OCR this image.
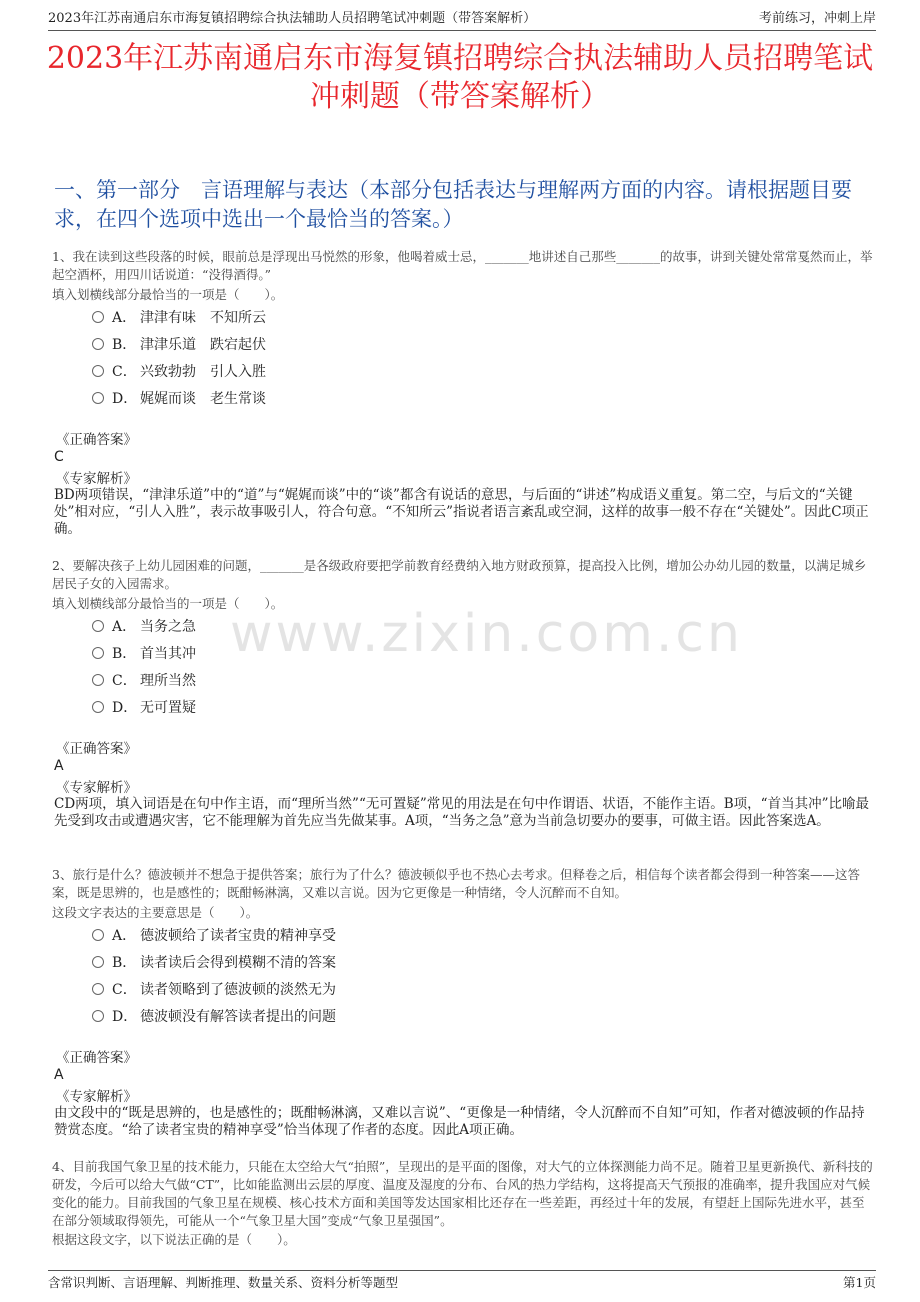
2023年江苏南通启东市海复镇招聘综合执法辅助人员招聘笔试冲刺题（带答案解析）	考前练习，冲刺上岸
2023年江苏南通启东市海复镇招聘综合执法辅助人员招聘笔试
冲刺题（带答案解析）
一、第一部分　言语理解与表达（本部分包括表达与理解两方面的内容。请根据题目要求，在四个选项中选出一个最恰当的答案。）
www.zixin.com.cn

1、我在读到这些段落的时候，眼前总是浮现出马悦然的形象，他喝着威士忌，_______地讲述自己那些_______的故事，讲到关键处常常戛然而止，举起空酒杯，用四川话说道：“没得酒得。”

填入划横线部分最恰当的一项是（　　）。

A． 津津有味　不知所云
B． 津津乐道　跌宕起伏
C． 兴致勃勃　引人入胜
D． 娓娓而谈　老生常谈
《正确答案》
C
《专家解析》
BD两项错误，“津津乐道”中的“道”与“娓娓而谈”中的“谈”都含有说话的意思，与后面的“讲述”构成语义重复。第二空，与后文的“关键处”相对应，“引人入胜”，表示故事吸引人，符合句意。“不知所云”指说者语言紊乱或空洞，这样的故事一般不存在“关键处”。因此C项正确。

2、要解决孩子上幼儿园困难的问题，_______是各级政府要把学前教育经费纳入地方财政预算，提高投入比例，增加公办幼儿园的数量，以满足城乡居民子女的入园需求。

填入划横线部分最恰当的一项是（　　）。

A． 当务之急
B． 首当其冲
C． 理所当然
D． 无可置疑
《正确答案》
A
《专家解析》
CD两项，填入词语是在句中作主语，而“理所当然”“无可置疑”常见的用法是在句中作谓语、状语，不能作主语。B项，“首当其冲”比喻最先受到攻击或遭遇灾害，它不能理解为首先应当先做某事。A项，“当务之急”意为当前急切要办的要事，可做主语。因此答案选A。

3、旅行是什么？德波顿并不想急于提供答案；旅行为了什么？德波顿似乎也不热心去考求。但释卷之后，相信每个读者都会得到一种答案——这答案，既是思辨的，也是感性的；既酣畅淋漓，又难以言说。因为它更像是一种情绪，令人沉醉而不自知。

这段文字表达的主要意思是（　　）。

A． 德波顿给了读者宝贵的精神享受
B． 读者读后会得到模糊不清的答案
C． 读者领略到了德波顿的淡然无为
D． 德波顿没有解答读者提出的问题
《正确答案》
A
《专家解析》
由文段中的“既是思辨的，也是感性的；既酣畅淋漓，又难以言说”、“更像是一种情绪，令人沉醉而不自知”可知，作者对德波顿的作品持赞赏态度。“给了读者宝贵的精神享受”恰当体现了作者的态度。因此A项正确。

4、目前我国气象卫星的技术能力，只能在太空给大气“拍照”，呈现出的是平面的图像，对大气的立体探测能力尚不足。随着卫星更新换代、新科技的研发，今后可以给大气做“CT”，比如能监测出云层的厚度、温度及湿度的分布、台风的热力学结构，这将提高天气预报的准确率，提升我国应对气候变化的能力。目前我国的气象卫星在规模、核心技术方面和美国等发达国家相比还存在一些差距，再经过十年的发展，有望赶上国际先进水平，甚至在部分领域取得领先，可能从一个“气象卫星大国”变成“气象卫星强国”。

根据这段文字，以下说法正确的是（　　）。

含常识判断、言语理解、判断推理、数量关系、资料分析等题型	第1页
